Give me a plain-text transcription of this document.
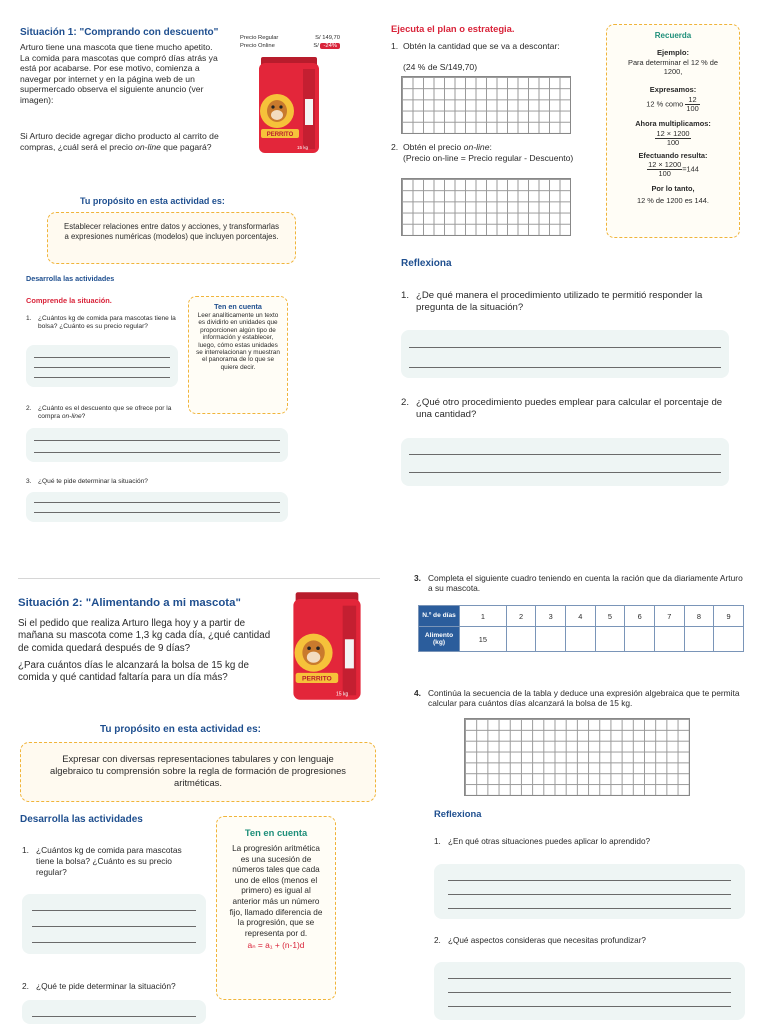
Situación 1: "Comprando con descuento"
Arturo tiene una mascota que tiene mucho apetito. La comida para mascotas que compró días atrás ya está por acabarse. Por ese motivo, comienza a navegar por internet y en la página web de un supermercado observa el siguiente anuncio (ver imagen):
Si Arturo decide agregar dicho producto al carrito de compras, ¿cuál será el precio on-line que pagará?
Precio Regular	S/ 149,70
Precio Online	S/ -24%
PERRITO
15 kg
Tu propósito en esta actividad es:
Establecer relaciones entre datos y acciones, y transformarlas a expresiones numéricas (modelos) que incluyen porcentajes.
Desarrolla las actividades
Comprende la situación.
1. ¿Cuántos kg de comida para mascotas tiene la bolsa? ¿Cuánto es su precio regular?
Ten en cuenta
Leer analíticamente un texto es dividirlo en unidades que proporcionen algún tipo de información y establecer, luego, cómo estas unidades se interrelacionan y muestran el panorama de lo que se quiere decir.
2. ¿Cuánto es el descuento que se ofrece por la compra on-line?
3. ¿Qué te pide determinar la situación?
Ejecuta el plan o estrategia.
1. Obtén la cantidad que se va a descontar:
(24 % de S/149,70)
2. Obtén el precio on-line:
(Precio on-line = Precio regular - Descuento)
Recuerda
Ejemplo:
Para determinar el 12 % de 1200,
Expresamos:
12 % como $\frac{12}{100}$
Ahora multiplicamos:
$\frac{12 \times 1200}{100}$
Efectuando resulta:
$\frac{12 \times 1200}{100} =144$
Por lo tanto,
12 % de 1200 es 144.
Reflexiona
1. ¿De qué manera el procedimiento utilizado te permitió responder la pregunta de la situación?
2. ¿Qué otro procedimiento puedes emplear para calcular el porcentaje de una cantidad?
Situación 2: "Alimentando a mi mascota"
Si el pedido que realiza Arturo llega hoy y a partir de mañana su mascota come 1,3 kg cada día, ¿qué cantidad de comida quedará después de 9 días?
¿Para cuántos días le alcanzará la bolsa de 15 kg de comida y qué cantidad faltaría para un día más?	PERRITO
15 kg
Tu propósito en esta actividad es:
Expresar con diversas representaciones tabulares y con lenguaje algebraico tu comprensión sobre la regla de formación de progresiones aritméticas.
Desarrolla las actividades
1. ¿Cuántos kg de comida para mascotas tiene la bolsa? ¿Cuánto es su precio regular?
2. ¿Qué te pide determinar la situación?
Ten en cuenta
La progresión aritmética es una sucesión de números tales que cada uno de ellos (menos el primero) es igual al anterior más un número fijo, llamado diferencia de la progresión, que se representa por d.
aₙ = a₁ + (n-1)d
3. Completa el siguiente cuadro teniendo en cuenta la ración que da diariamente Arturo a su mascota.
N.º de días	1	2	3	4	5	6	7	8	9
Alimento (kg)	15								
4. Continúa la secuencia de la tabla y deduce una expresión algebraica que te permita calcular para cuántos días alcanzará la bolsa de 15 kg.
Reflexiona
1. ¿En qué otras situaciones puedes aplicar lo aprendido?
2. ¿Qué aspectos consideras que necesitas profundizar?
